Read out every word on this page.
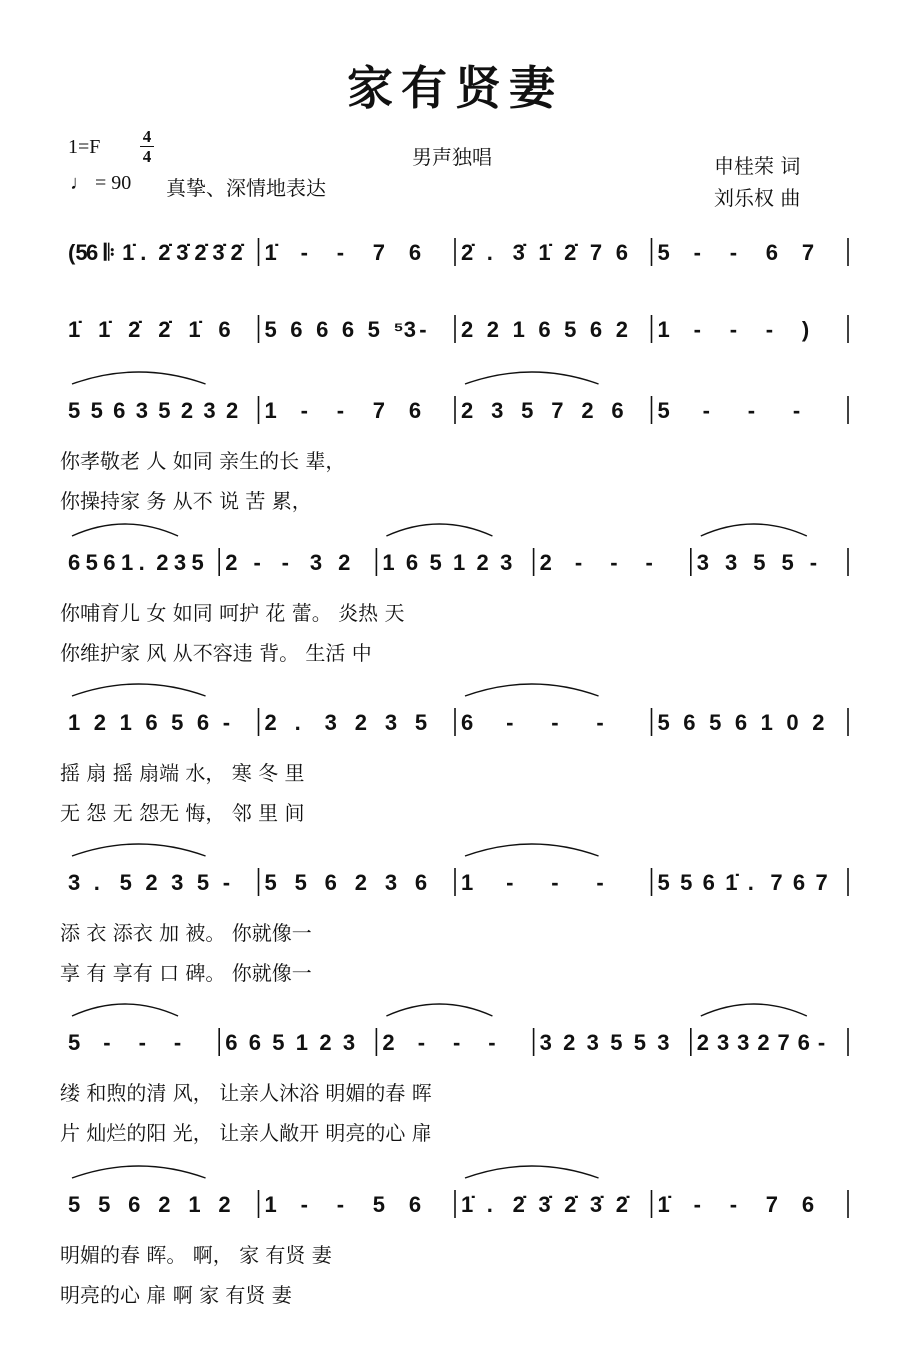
家有贤妻
1=F 4
4
♩ = 90 真挚、深情地表达
男声独唱	申桂荣 词
刘乐权 曲
(5
6 𝄆 1̇ . 2̇ 3̇ 2̇ 3̇ 2̇ 1̇ - - 7 6 2̇ . 3̇ 1̇ 2̇ 7 6 5 - - 6 7
1̇ 1̇ 2̇ 2̇ 1̇ 6 5 6 6 6 5 ⁵3 - 2 2 1 6 5 6 2 1 - - - )
5 5 6 3 5 2 3 2 1 - - 7 6 2 3 5 7 2 6 5 - - -
你孝敬老 人 如同 亲生的长 辈，
你操持家 务 从不 说 苦 累，
6 5 6 1 . 2 3 5 2 - - 3 2 1 6 5 1 2 3 2 - - - 3 3 5 5 -
你哺育儿 女 如同 呵护 花 蕾。 炎热 天
你维护家 风 从不容违 背。 生活 中
1 2 1 6 5 6 - 2 . 3 2 3 5 6 - - - 5 6 5 6 1 0 2
摇 扇 摇 扇端 水， 寒 冬 里
无 怨 无 怨无 悔， 邻 里 间
3 . 5 2 3 5 - 5 5 6 2 3 6 1 - - - 5 5 6 1̇ . 7 6 7
添 衣 添衣 加 被。 你就像一
享 有 享有 口 碑。 你就像一
5 - - - 6 6 5 1 2 3 2 - - - 3 2 3 5 5 3 2 3 3 2 7 6 -
缕 和煦的清 风， 让亲人沐浴 明媚的春 晖
片 灿烂的阳 光， 让亲人敞开 明亮的心 扉
5 5 6 2 1 2 1 - - 5 6 1̇ . 2̇ 3̇ 2̇ 3̇ 2̇ 1̇ - - 7 6
明媚的春 晖。 啊， 家 有贤 妻
明亮的心 扉 啊 家 有贤 妻
